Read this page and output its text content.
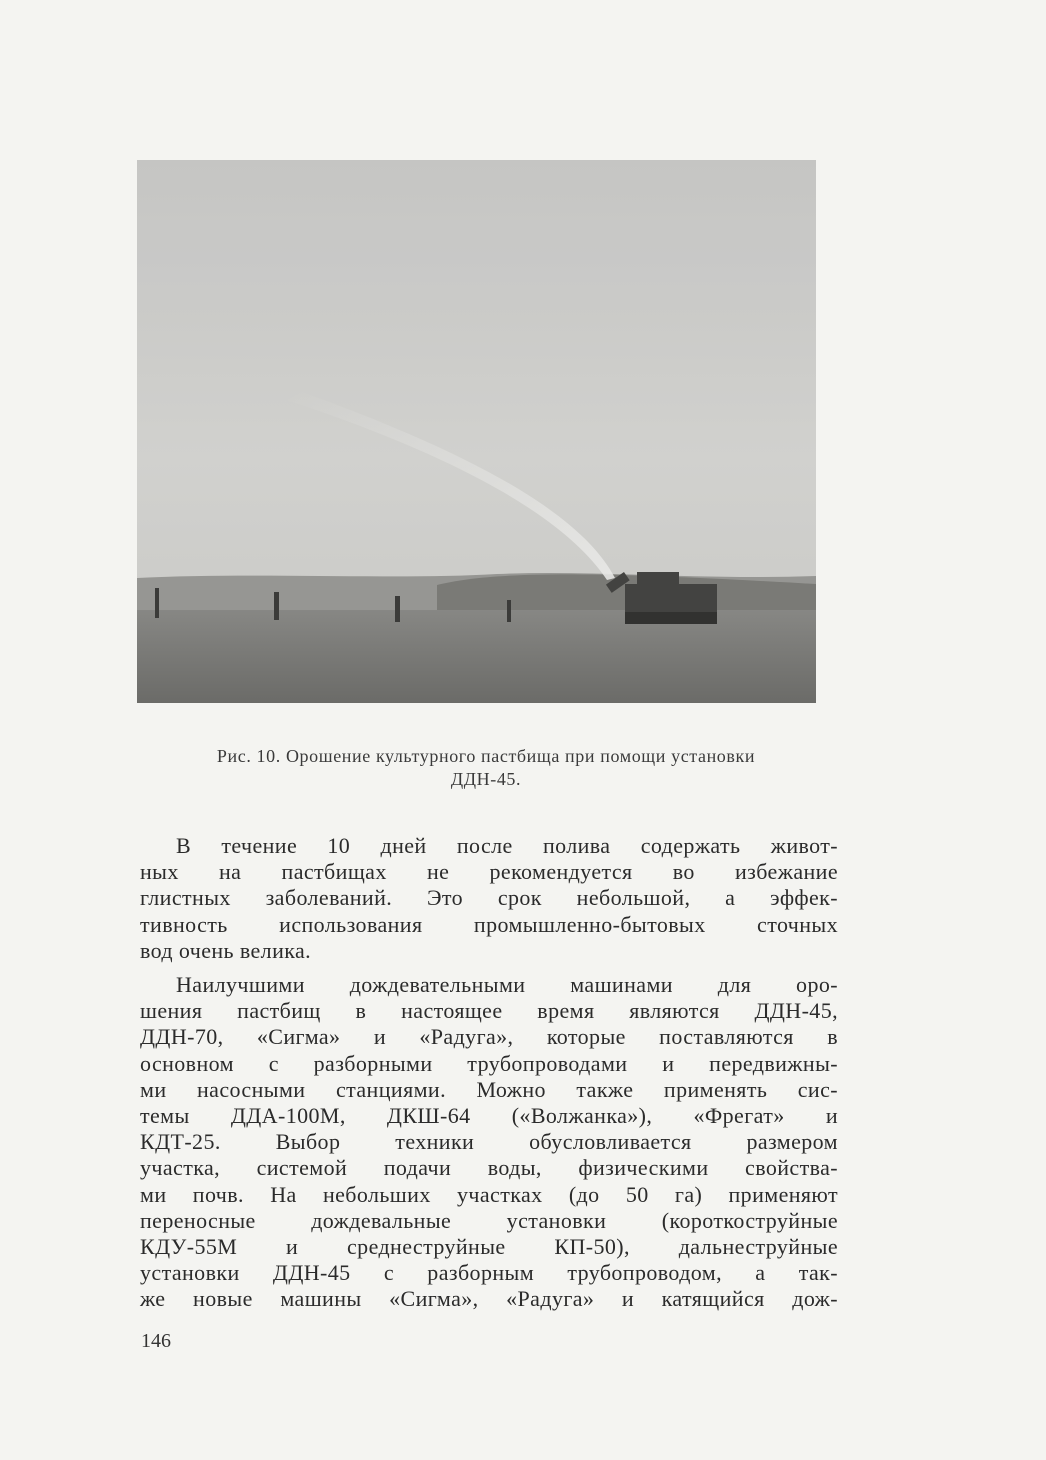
Рис. 10. Орошение культурного пастбища при помощи установки
ДДН-45.

В течение 10 дней после полива содержать живот-
ных на пастбищах не рекомендуется во избежание
глистных заболеваний. Это срок небольшой, а эффек-
тивность использования промышленно-бытовых сточных
вод очень велика.

Наилучшими дождевательными машинами для оро-
шения пастбищ в настоящее время являются ДДН-45,
ДДН-70, «Сигма» и «Радуга», которые поставляются в
основном с разборными трубопроводами и передвижны-
ми насосными станциями. Можно также применять сис-
темы ДДА-100М, ДКШ-64 («Волжанка»), «Фрегат» и
КДТ-25. Выбор техники обусловливается размером
участка, системой подачи воды, физическими свойства-
ми почв. На небольших участках (до 50 га) применяют
переносные дождевальные установки (короткоструйные
КДУ-55М и среднеструйные КП-50), дальнеструйные
установки ДДН-45 с разборным трубопроводом, а так-
же новые машины «Сигма», «Радуга» и катящийся дож-

146
